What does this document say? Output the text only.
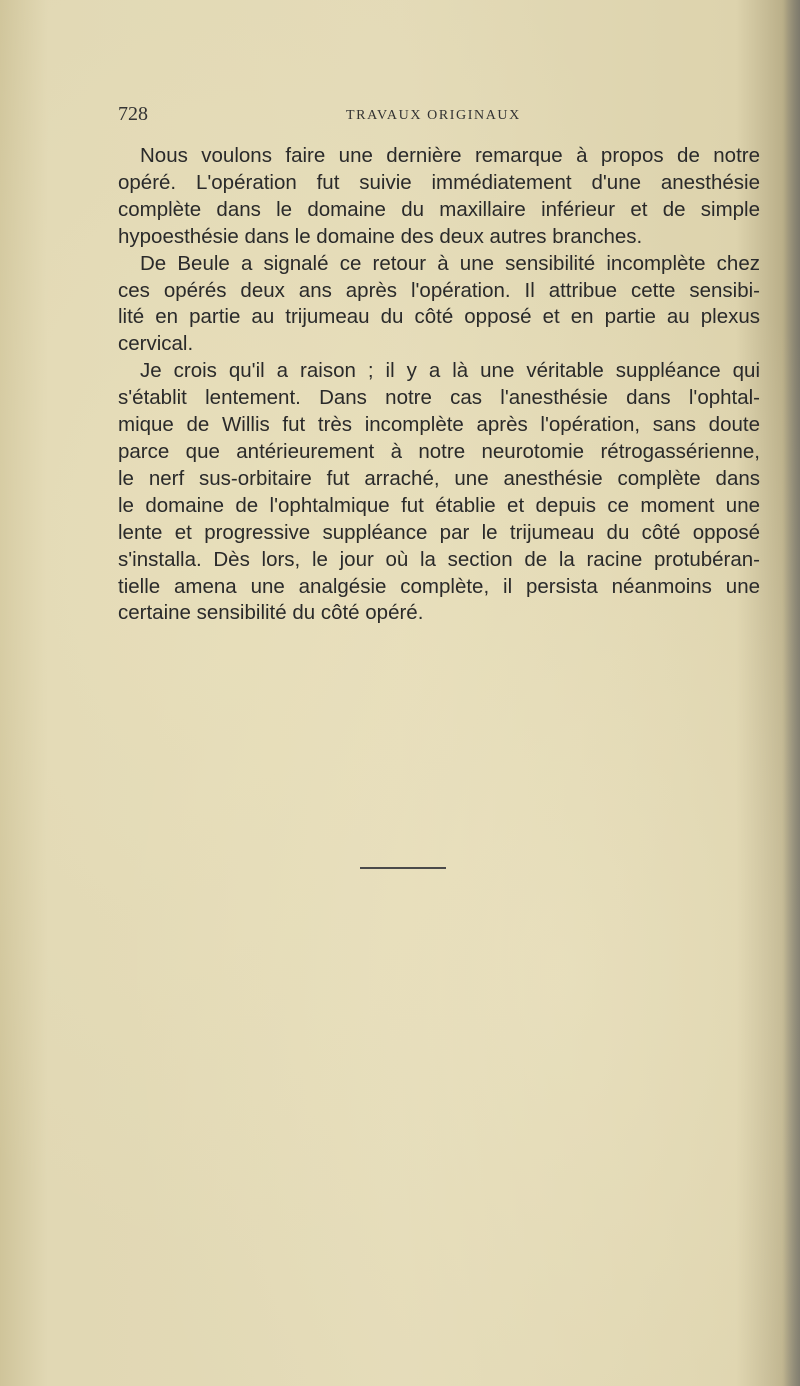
728	TRAVAUX ORIGINAUX
Nous voulons faire une dernière remarque à propos de notre
opéré. L'opération fut suivie immédiatement d'une anesthésie
complète dans le domaine du maxillaire inférieur et de simple
hypoesthésie dans le domaine des deux autres branches.
De Beule a signalé ce retour à une sensibilité incomplète chez
ces opérés deux ans après l'opération. Il attribue cette sensibi-
lité en partie au trijumeau du côté opposé et en partie au plexus
cervical.
Je crois qu'il a raison ; il y a là une véritable suppléance qui
s'établit lentement. Dans notre cas l'anesthésie dans l'ophtal-
mique de Willis fut très incomplète après l'opération, sans doute
parce que antérieurement à notre neurotomie rétrogassérienne,
le nerf sus-orbitaire fut arraché, une anesthésie complète dans
le domaine de l'ophtalmique fut établie et depuis ce moment une
lente et progressive suppléance par le trijumeau du côté opposé
s'installa. Dès lors, le jour où la section de la racine protubéran-
tielle amena une analgésie complète, il persista néanmoins une
certaine sensibilité du côté opéré.
